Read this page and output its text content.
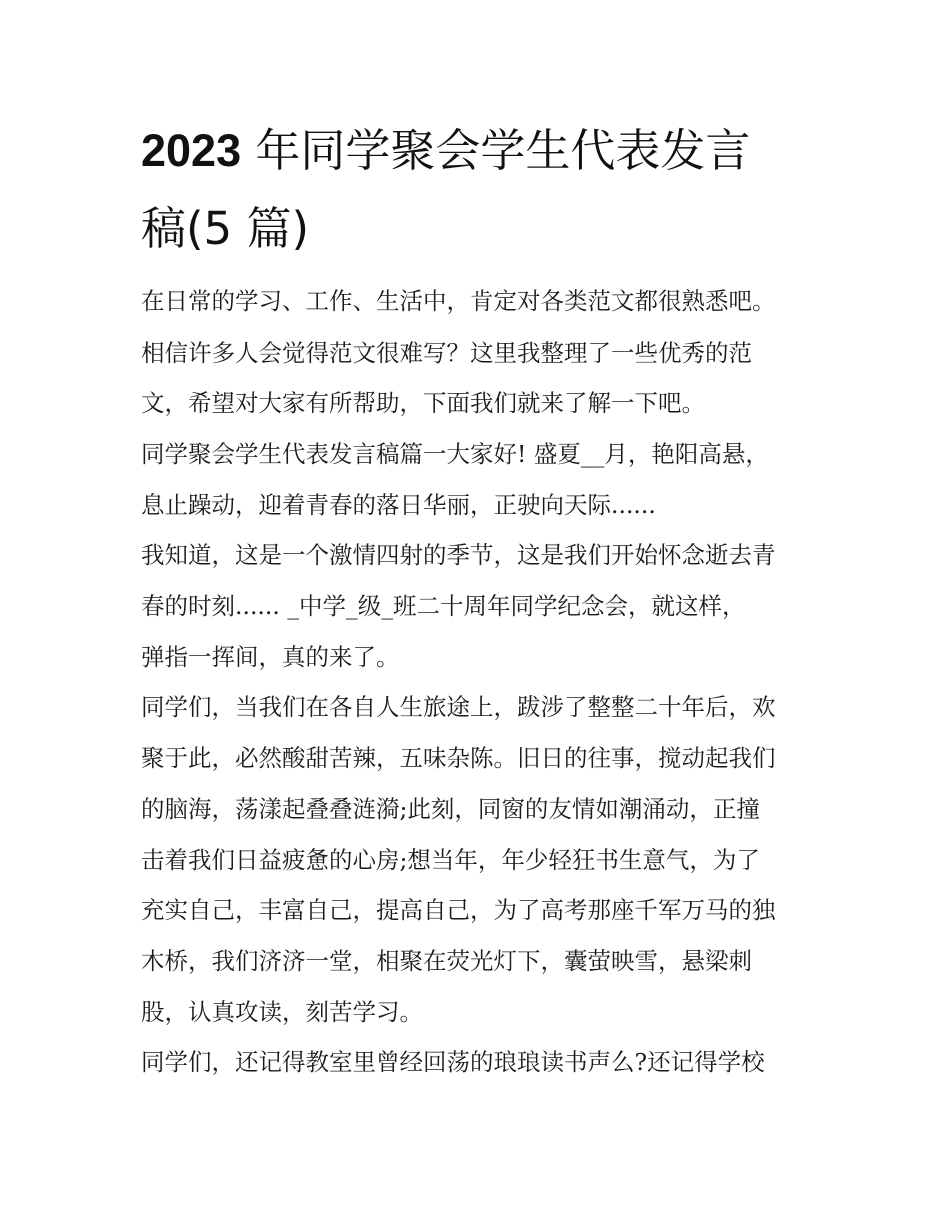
2023 年同学聚会学生代表发言
稿(5 篇)

在日常的学习、工作、生活中，肯定对各类范文都很熟悉吧。

相信许多人会觉得范文很难写？这里我整理了一些优秀的范

文，希望对大家有所帮助，下面我们就来了解一下吧。

同学聚会学生代表发言稿篇一大家好! 盛夏__月，艳阳高悬，

息止躁动，迎着青春的落日华丽，正驶向天际......

我知道，这是一个激情四射的季节，这是我们开始怀念逝去青

春的时刻...... _中学_级_班二十周年同学纪念会，就这样，

弹指一挥间，真的来了。

同学们，当我们在各自人生旅途上，跋涉了整整二十年后，欢

聚于此，必然酸甜苦辣，五味杂陈。旧日的往事，搅动起我们

的脑海，荡漾起叠叠涟漪;此刻，同窗的友情如潮涌动，正撞

击着我们日益疲惫的心房;想当年，年少轻狂书生意气，为了

充实自己，丰富自己，提高自己，为了高考那座千军万马的独

木桥，我们济济一堂，相聚在荧光灯下，囊萤映雪，悬梁刺

股，认真攻读，刻苦学习。

同学们，还记得教室里曾经回荡的琅琅读书声么?还记得学校
